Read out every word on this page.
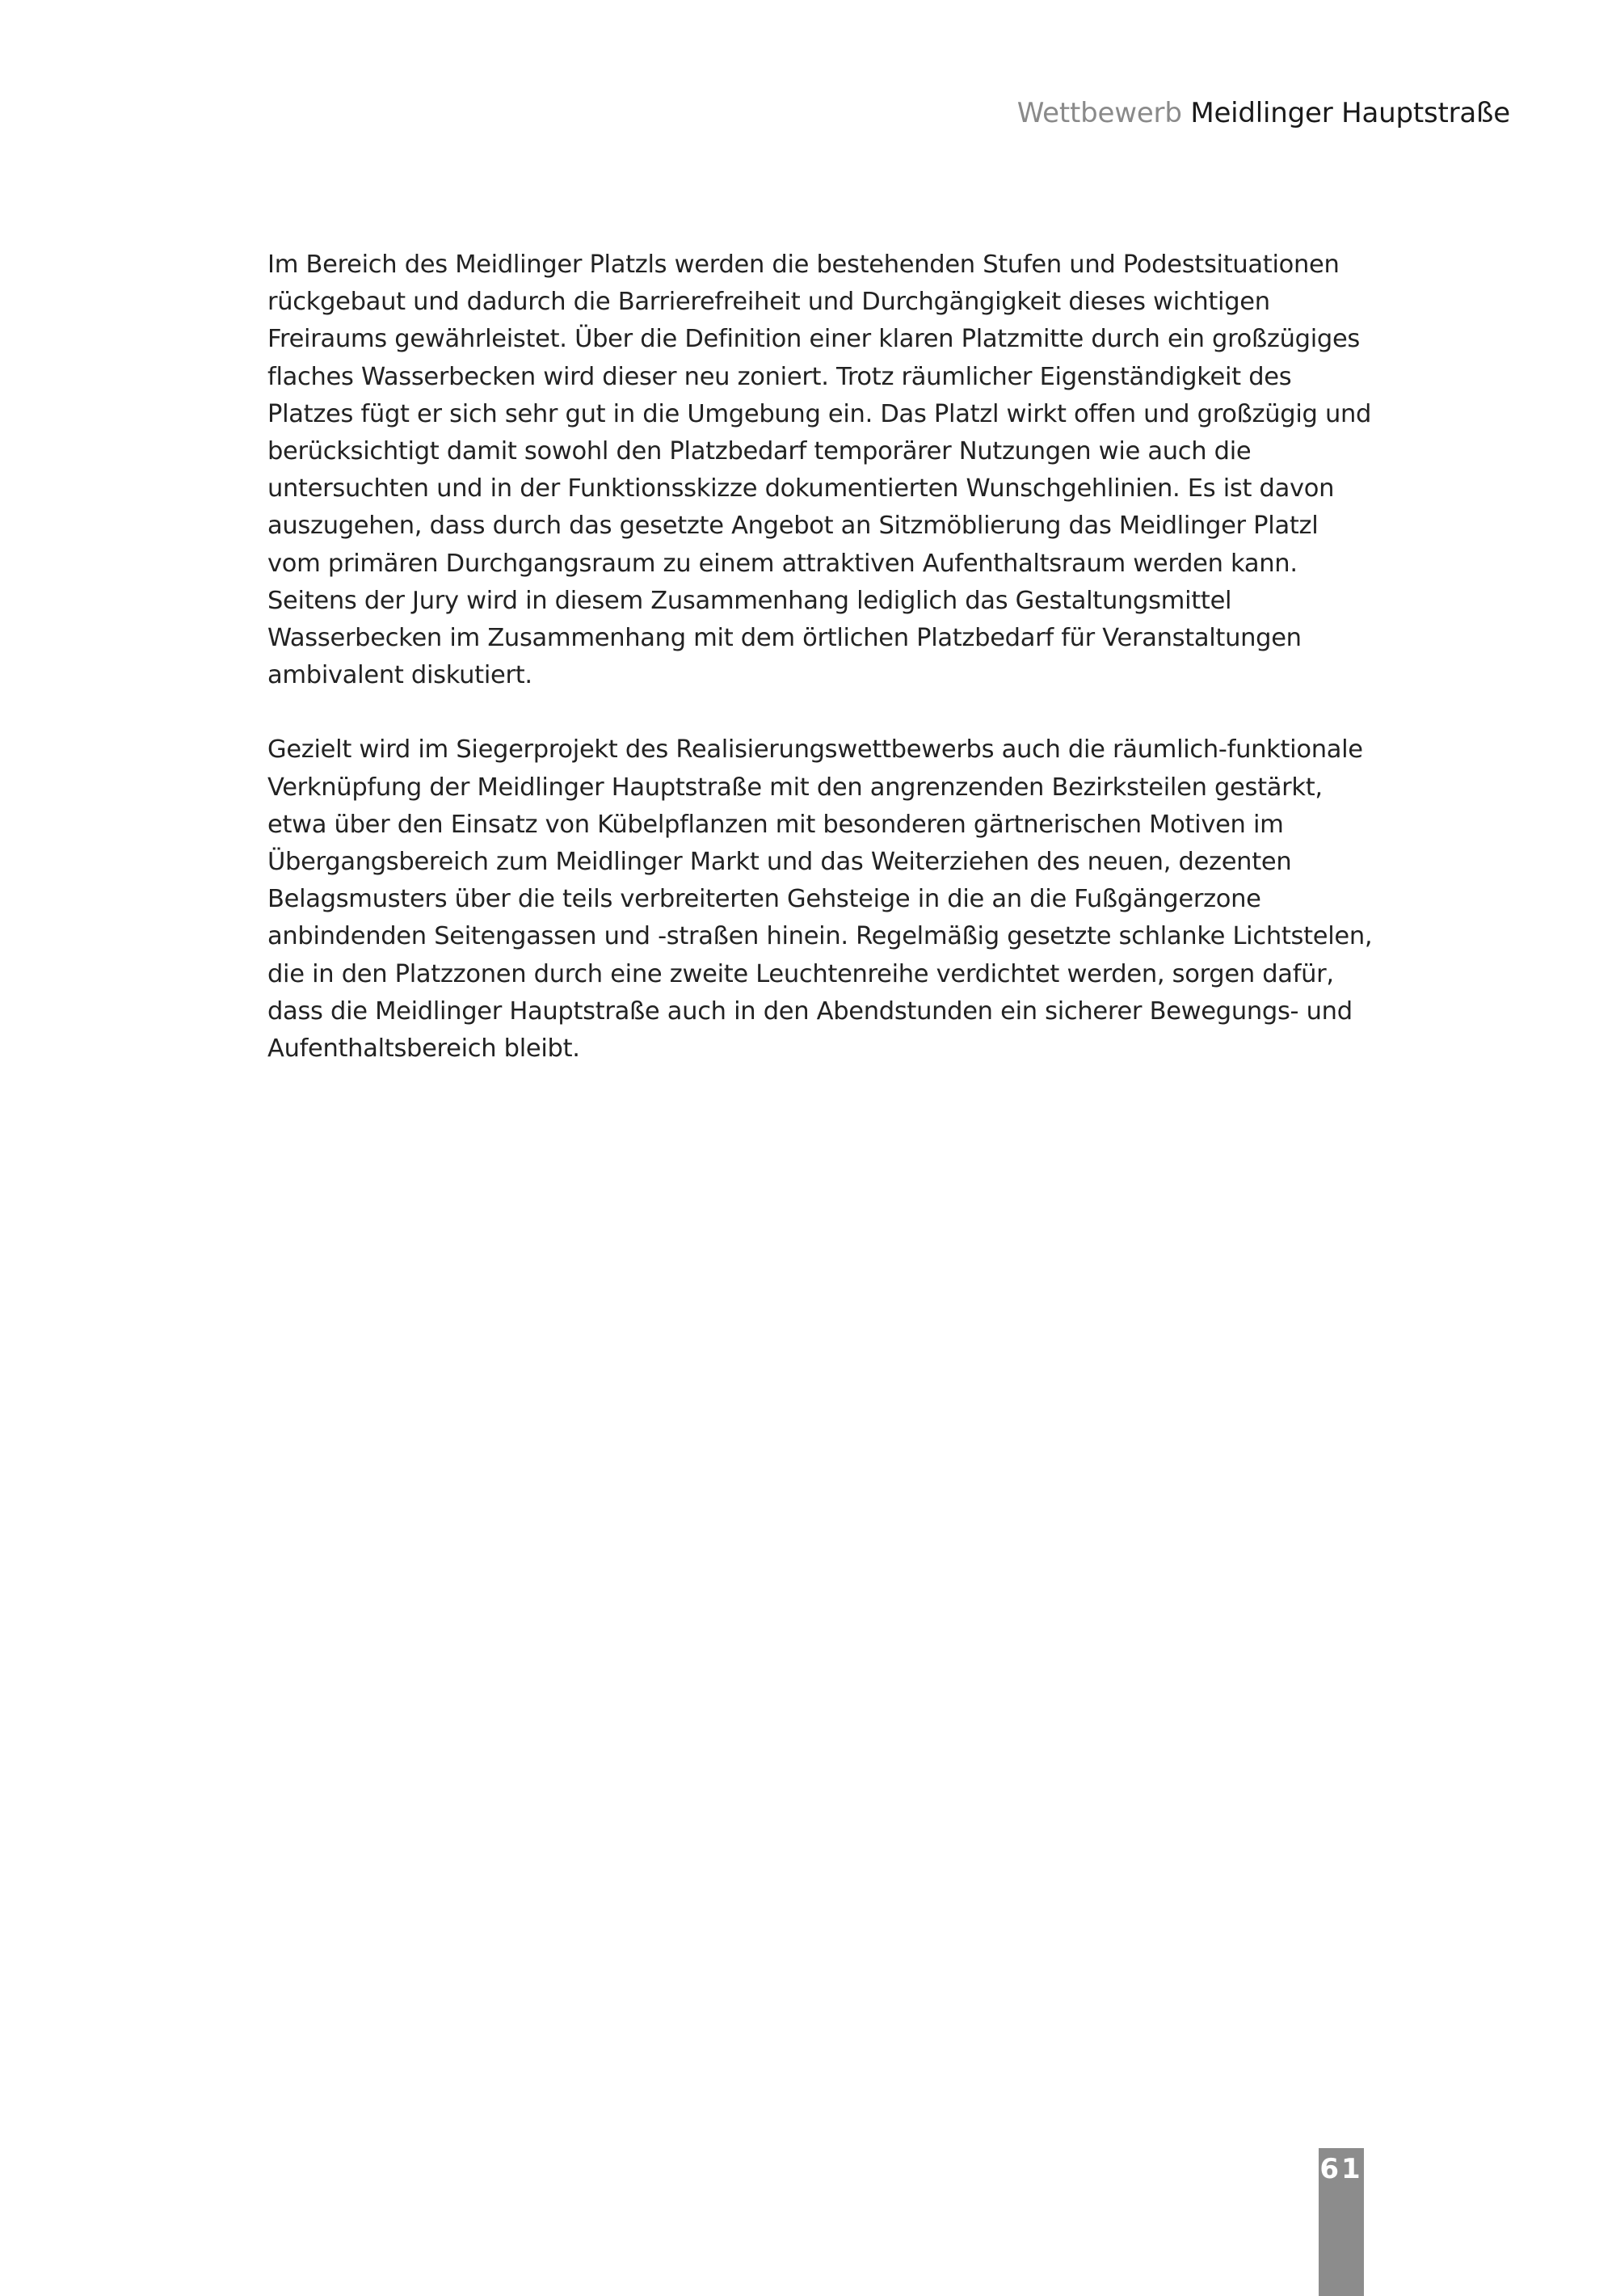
Wettbewerb Meidlinger Hauptstraße

Im Bereich des Meidlinger Platzls werden die bestehenden Stufen und Podestsituationen rückgebaut und dadurch die Barrierefreiheit und Durchgängigkeit dieses wichtigen Freiraums gewährleistet. Über die Definition einer klaren Platzmitte durch ein großzügiges flaches Wasserbecken wird dieser neu zoniert. Trotz räumlicher Eigenständigkeit des Platzes fügt er sich sehr gut in die Umgebung ein. Das Platzl wirkt offen und großzügig und berücksichtigt damit sowohl den Platzbedarf temporärer Nutzungen wie auch die untersuchten und in der Funktionsskizze dokumentierten Wunschgehlinien. Es ist davon auszugehen, dass durch das gesetzte Angebot an Sitzmöblierung das Meidlinger Platzl vom primären Durchgangsraum zu einem attraktiven Aufenthaltsraum werden kann. Seitens der Jury wird in diesem Zusammenhang lediglich das Gestaltungsmittel Wasserbecken im Zusammenhang mit dem örtlichen Platzbedarf für Veranstaltungen ambivalent diskutiert.

Gezielt wird im Siegerprojekt des Realisierungswettbewerbs auch die räumlich-funktionale Verknüpfung der Meidlinger Hauptstraße mit den angrenzenden Bezirksteilen gestärkt, etwa über den Einsatz von Kübelpflanzen mit besonderen gärtnerischen Motiven im Übergangsbereich zum Meidlinger Markt und das Weiterziehen des neuen, dezenten Belagsmusters über die teils verbreiterten Gehsteige in die an die Fußgängerzone anbindenden Seitengassen und -straßen hinein. Regelmäßig gesetzte schlanke Lichtstelen, die in den Platzzonen durch eine zweite Leuchtenreihe verdichtet werden, sorgen dafür, dass die Meidlinger Hauptstraße auch in den Abendstunden ein sicherer Bewegungs- und Aufenthaltsbereich bleibt.

61
